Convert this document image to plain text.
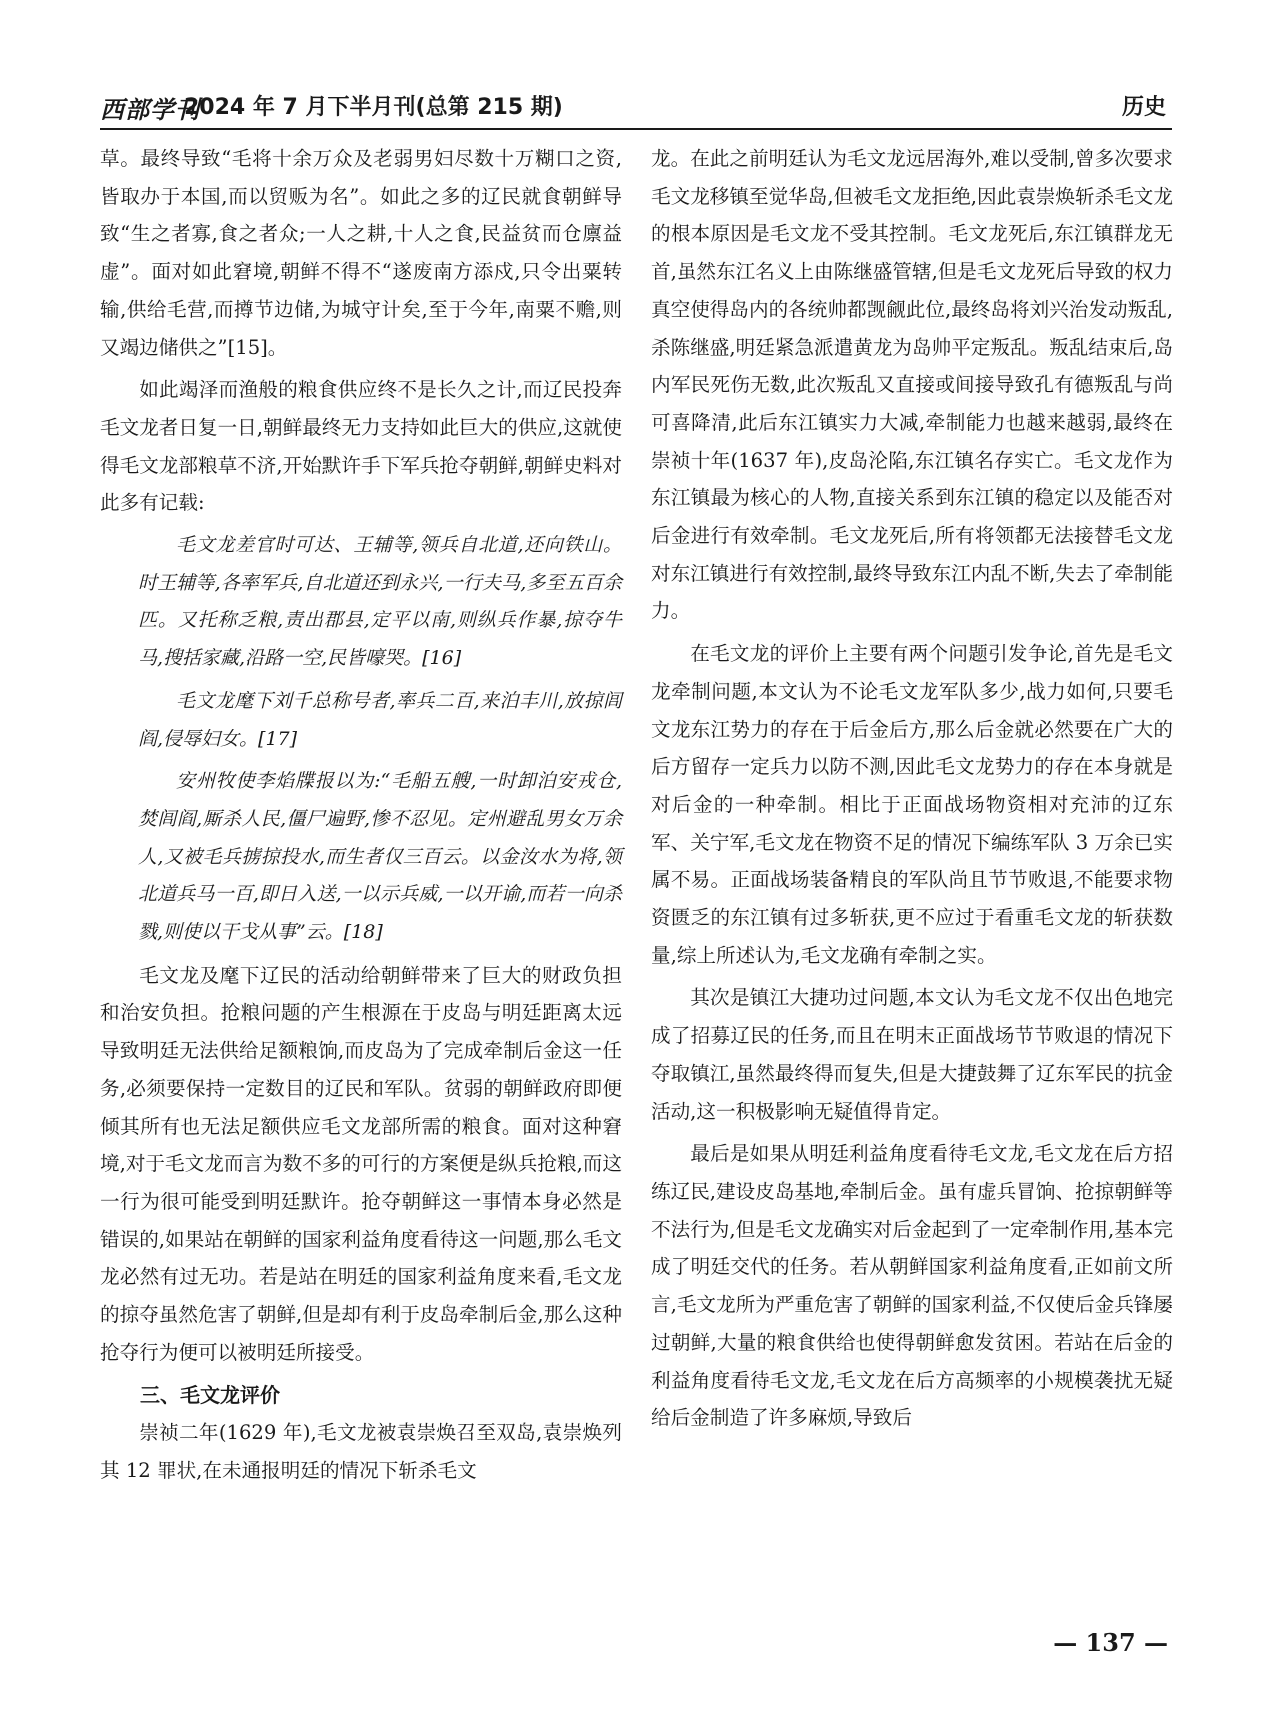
西部学刊
2024 年 7 月下半月刊(总第 215 期)	历史

草。最终导致“毛将十余万众及老弱男妇尽数十万糊口之资,皆取办于本国,而以贸贩为名”。如此之多的辽民就食朝鲜导致“生之者寡,食之者众;一人之耕,十人之食,民益贫而仓廪益虚”。面对如此窘境,朝鲜不得不“遂废南方添戍,只令出粟转输,供给毛营,而撙节边储,为城守计矣,至于今年,南粟不赡,则又竭边储供之”[15]。

如此竭泽而渔般的粮食供应终不是长久之计,而辽民投奔毛文龙者日复一日,朝鲜最终无力支持如此巨大的供应,这就使得毛文龙部粮草不济,开始默许手下军兵抢夺朝鲜,朝鲜史料对此多有记载:

毛文龙差官时可达、王辅等,领兵自北道,还向铁山。时王辅等,各率军兵,自北道还到永兴,一行夫马,多至五百余匹。又托称乏粮,责出郡县,定平以南,则纵兵作暴,掠夺牛马,搜括家藏,沿路一空,民皆嚎哭。[16]

毛文龙麾下刘千总称号者,率兵二百,来泊丰川,放掠闾阎,侵辱妇女。[17]

安州牧使李焰牒报以为:“毛船五艘,一时卸泊安戎仓,焚闾阎,厮杀人民,僵尸遍野,惨不忍见。定州避乱男女万余人,又被毛兵掳掠投水,而生者仅三百云。以金汝水为将,领北道兵马一百,即日入送,一以示兵威,一以开谕,而若一向杀戮,则使以干戈从事”云。[18]

毛文龙及麾下辽民的活动给朝鲜带来了巨大的财政负担和治安负担。抢粮问题的产生根源在于皮岛与明廷距离太远导致明廷无法供给足额粮饷,而皮岛为了完成牵制后金这一任务,必须要保持一定数目的辽民和军队。贫弱的朝鲜政府即便倾其所有也无法足额供应毛文龙部所需的粮食。面对这种窘境,对于毛文龙而言为数不多的可行的方案便是纵兵抢粮,而这一行为很可能受到明廷默许。抢夺朝鲜这一事情本身必然是错误的,如果站在朝鲜的国家利益角度看待这一问题,那么毛文龙必然有过无功。若是站在明廷的国家利益角度来看,毛文龙的掠夺虽然危害了朝鲜,但是却有利于皮岛牵制后金,那么这种抢夺行为便可以被明廷所接受。

三、毛文龙评价

崇祯二年(1629 年),毛文龙被袁崇焕召至双岛,袁崇焕列其 12 罪状,在未通报明廷的情况下斩杀毛文

龙。在此之前明廷认为毛文龙远居海外,难以受制,曾多次要求毛文龙移镇至觉华岛,但被毛文龙拒绝,因此袁崇焕斩杀毛文龙的根本原因是毛文龙不受其控制。毛文龙死后,东江镇群龙无首,虽然东江名义上由陈继盛管辖,但是毛文龙死后导致的权力真空使得岛内的各统帅都觊觎此位,最终岛将刘兴治发动叛乱,杀陈继盛,明廷紧急派遣黄龙为岛帅平定叛乱。叛乱结束后,岛内军民死伤无数,此次叛乱又直接或间接导致孔有德叛乱与尚可喜降清,此后东江镇实力大减,牵制能力也越来越弱,最终在崇祯十年(1637 年),皮岛沦陷,东江镇名存实亡。毛文龙作为东江镇最为核心的人物,直接关系到东江镇的稳定以及能否对后金进行有效牵制。毛文龙死后,所有将领都无法接替毛文龙对东江镇进行有效控制,最终导致东江内乱不断,失去了牵制能力。

在毛文龙的评价上主要有两个问题引发争论,首先是毛文龙牵制问题,本文认为不论毛文龙军队多少,战力如何,只要毛文龙东江势力的存在于后金后方,那么后金就必然要在广大的后方留存一定兵力以防不测,因此毛文龙势力的存在本身就是对后金的一种牵制。相比于正面战场物资相对充沛的辽东军、关宁军,毛文龙在物资不足的情况下编练军队 3 万余已实属不易。正面战场装备精良的军队尚且节节败退,不能要求物资匮乏的东江镇有过多斩获,更不应过于看重毛文龙的斩获数量,综上所述认为,毛文龙确有牵制之实。

其次是镇江大捷功过问题,本文认为毛文龙不仅出色地完成了招募辽民的任务,而且在明末正面战场节节败退的情况下夺取镇江,虽然最终得而复失,但是大捷鼓舞了辽东军民的抗金活动,这一积极影响无疑值得肯定。

最后是如果从明廷利益角度看待毛文龙,毛文龙在后方招练辽民,建设皮岛基地,牵制后金。虽有虚兵冒饷、抢掠朝鲜等不法行为,但是毛文龙确实对后金起到了一定牵制作用,基本完成了明廷交代的任务。若从朝鲜国家利益角度看,正如前文所言,毛文龙所为严重危害了朝鲜的国家利益,不仅使后金兵锋屡过朝鲜,大量的粮食供给也使得朝鲜愈发贫困。若站在后金的利益角度看待毛文龙,毛文龙在后方高频率的小规模袭扰无疑给后金制造了许多麻烦,导致后

— 137 —
